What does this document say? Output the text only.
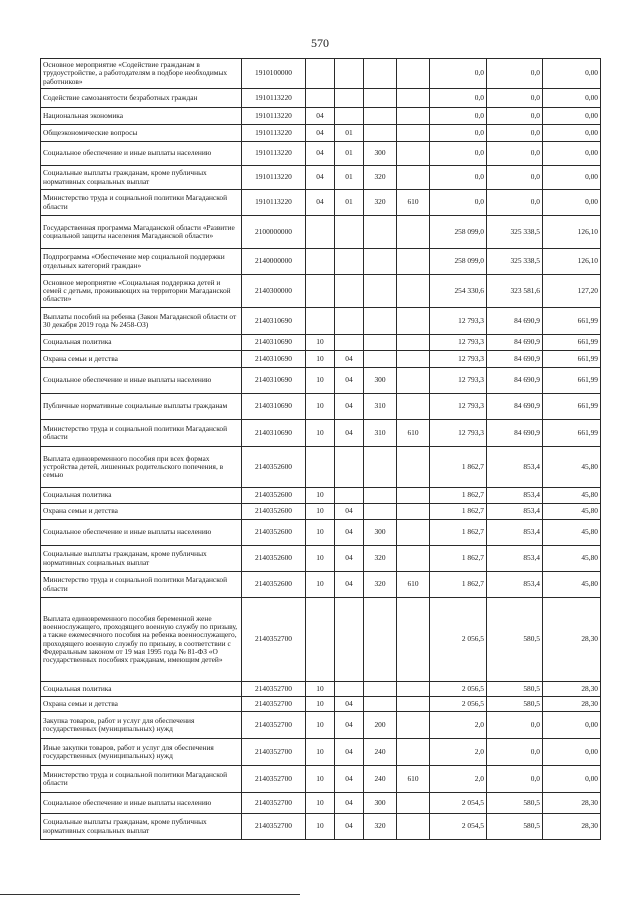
570
Основное мероприятие «Содействие гражданам в трудоустройстве, а работодателям в подборе необходимых работников»	1910100000					0,0	0,0	0,00
Содействие самозанятости безработных граждан	1910113220					0,0	0,0	0,00
Национальная экономика	1910113220	04				0,0	0,0	0,00
Общеэкономические вопросы	1910113220	04	01			0,0	0,0	0,00
Социальное обеспечение и иные выплаты населению	1910113220	04	01	300		0,0	0,0	0,00
Социальные выплаты гражданам, кроме публичных нормативных социальных выплат	1910113220	04	01	320		0,0	0,0	0,00
Министерство труда и социальной политики Магаданской области	1910113220	04	01	320	610	0,0	0,0	0,00
Государственная программа Магаданской области «Развитие социальной защиты населения Магаданской области»	2100000000					258 099,0	325 338,5	126,10
Подпрограмма «Обеспечение мер социальной поддержки отдельных категорий граждан»	2140000000					258 099,0	325 338,5	126,10
Основное мероприятие «Социальная поддержка детей и семей с детьми, проживающих на территории Магаданской области»	2140300000					254 330,6	323 581,6	127,20
Выплаты пособий на ребенка (Закон Магаданской области от 30 декабря 2019 года № 2458-ОЗ)	2140310690					12 793,3	84 690,9	661,99
Социальная политика	2140310690	10				12 793,3	84 690,9	661,99
Охрана семьи и детства	2140310690	10	04			12 793,3	84 690,9	661,99
Социальное обеспечение и иные выплаты населению	2140310690	10	04	300		12 793,3	84 690,9	661,99
Публичные нормативные социальные выплаты гражданам	2140310690	10	04	310		12 793,3	84 690,9	661,99
Министерство труда и социальной политики Магаданской области	2140310690	10	04	310	610	12 793,3	84 690,9	661,99
Выплата единовременного пособия при всех формах устройства детей, лишенных родительского попечения, в семью	2140352600					1 862,7	853,4	45,80
Социальная политика	2140352600	10				1 862,7	853,4	45,80
Охрана семьи и детства	2140352600	10	04			1 862,7	853,4	45,80
Социальное обеспечение и иные выплаты населению	2140352600	10	04	300		1 862,7	853,4	45,80
Социальные выплаты гражданам, кроме публичных нормативных социальных выплат	2140352600	10	04	320		1 862,7	853,4	45,80
Министерство труда и социальной политики Магаданской области	2140352600	10	04	320	610	1 862,7	853,4	45,80
Выплата единовременного пособия беременной жене военнослужащего, проходящего военную службу по призыву, а также ежемесячного пособия на ребенка военнослужащего, проходящего военную службу по призыву, в соответствии с Федеральным законом от 19 мая 1995 года № 81-ФЗ «О государственных пособиях гражданам, имеющим детей»	2140352700					2 056,5	580,5	28,30
Социальная политика	2140352700	10				2 056,5	580,5	28,30
Охрана семьи и детства	2140352700	10	04			2 056,5	580,5	28,30
Закупка товаров, работ и услуг для обеспечения государственных (муниципальных) нужд	2140352700	10	04	200		2,0	0,0	0,00
Иные закупки товаров, работ и услуг для обеспечения государственных (муниципальных) нужд	2140352700	10	04	240		2,0	0,0	0,00
Министерство труда и социальной политики Магаданской области	2140352700	10	04	240	610	2,0	0,0	0,00
Социальное обеспечение и иные выплаты населению	2140352700	10	04	300		2 054,5	580,5	28,30
Социальные выплаты гражданам, кроме публичных нормативных социальных выплат	2140352700	10	04	320		2 054,5	580,5	28,30
